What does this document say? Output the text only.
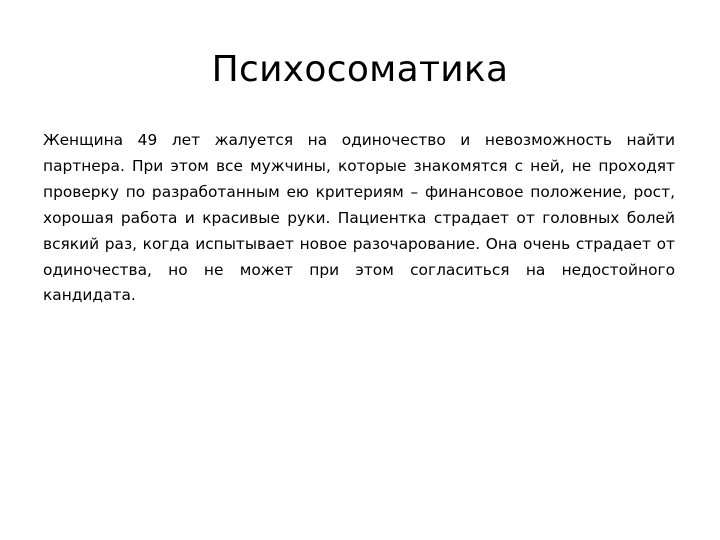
Психосоматика

Женщина 49 лет жалуется на одиночество и невозможность найти партнера. При этом все мужчины, которые знакомятся с ней, не проходят проверку по разработанным ею критериям – финансовое положение, рост, хорошая работа и красивые руки. Пациентка страдает от головных болей всякий раз, когда испытывает новое разочарование. Она очень страдает от одиночества, но не может при этом согласиться на недостойного кандидата.
